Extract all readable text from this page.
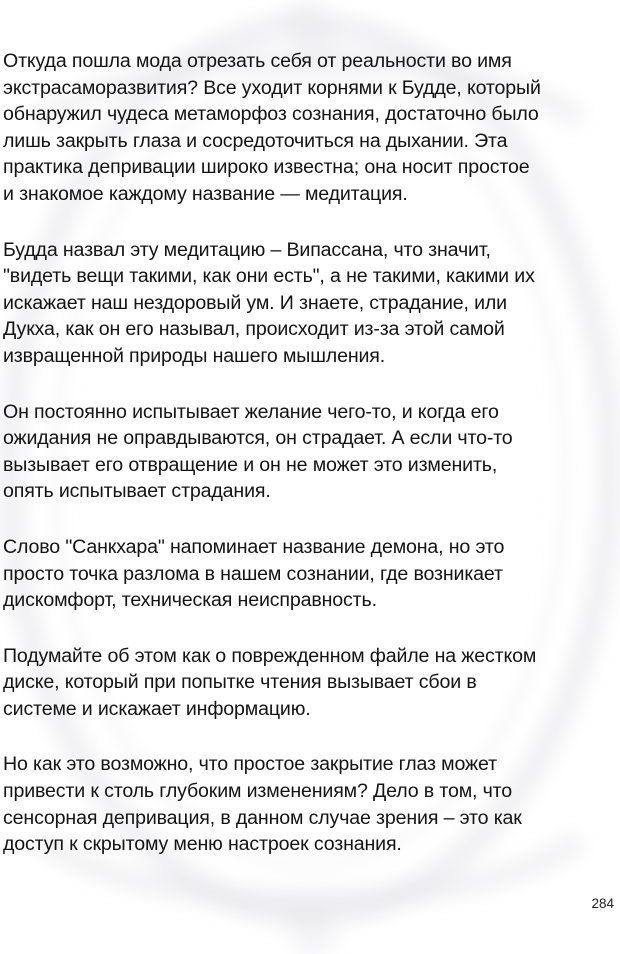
Откуда пошла мода отрезать себя от реальности во имя
экстрасаморазвития? Все уходит корнями к Будде, который
обнаружил чудеса метаморфоз сознания, достаточно было
лишь закрыть глаза и сосредоточиться на дыхании. Эта
практика депривации широко известна; она носит простое
и знакомое каждому название — медитация.

Будда назвал эту медитацию – Випассана, что значит,
"видеть вещи такими, как они есть", а не такими, какими их
искажает наш нездоровый ум. И знаете, страдание, или
Дукха, как он его называл, происходит из-за этой самой
извращенной природы нашего мышления.

Он постоянно испытывает желание чего-то, и когда его
ожидания не оправдываются, он страдает. А если что-то
вызывает его отвращение и он не может это изменить,
опять испытывает страдания.

Слово "Санкхара" напоминает название демона, но это
просто точка разлома в нашем сознании, где возникает
дискомфорт, техническая неисправность.

Подумайте об этом как о поврежденном файле на жестком
диске, который при попытке чтения вызывает сбои в
системе и искажает информацию.

Но как это возможно, что простое закрытие глаз может
привести к столь глубоким изменениям? Дело в том, что
сенсорная депривация, в данном случае зрения – это как
доступ к скрытому меню настроек сознания.

284
